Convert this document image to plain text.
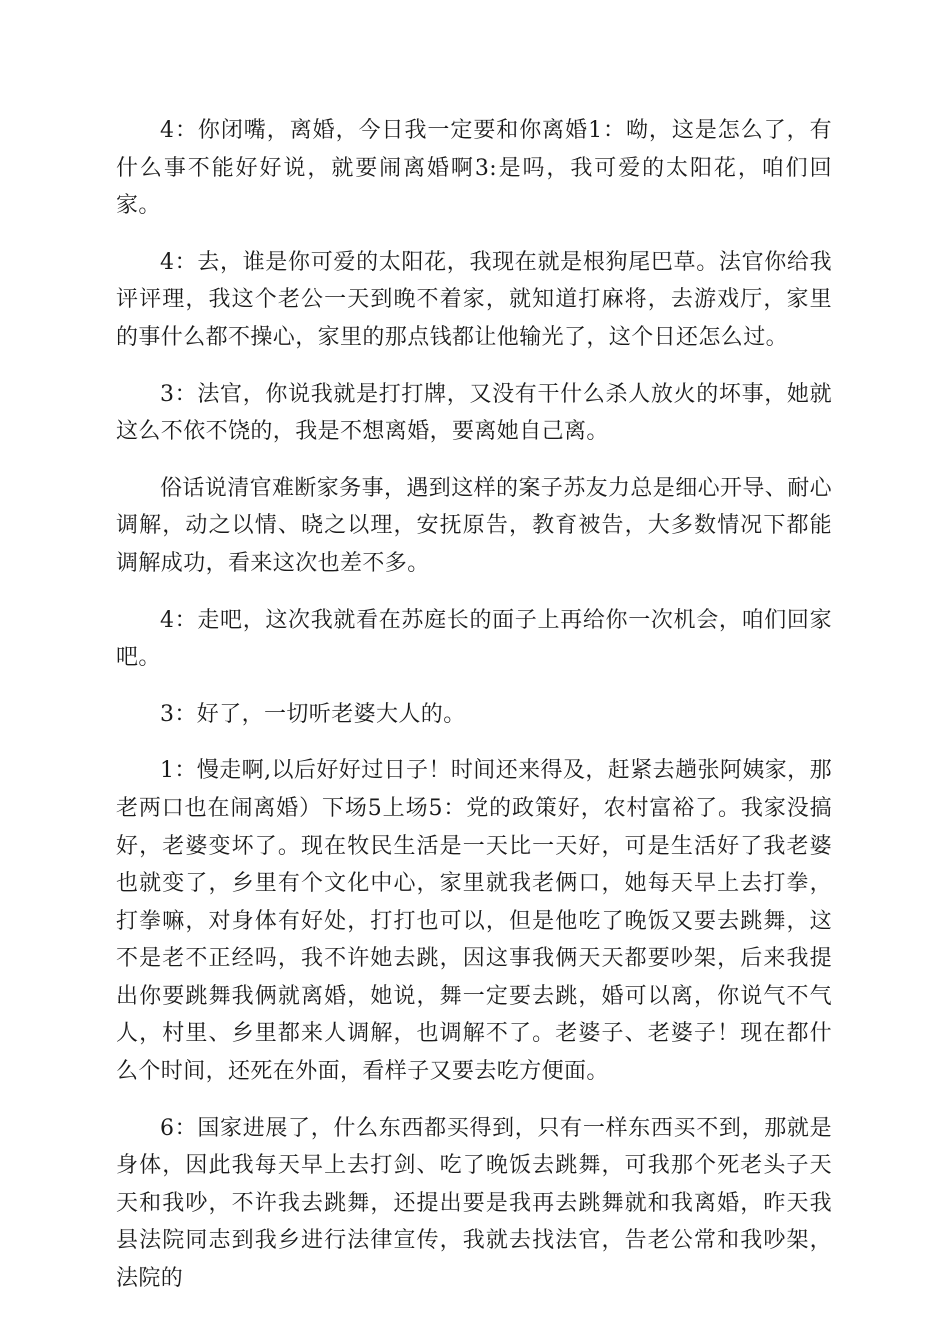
4：你闭嘴，离婚，今日我一定要和你离婚1：呦，这是怎么了，有什么事不能好好说，就要闹离婚啊3:是吗，我可爱的太阳花，咱们回家。

4：去，谁是你可爱的太阳花，我现在就是根狗尾巴草。法官你给我评评理，我这个老公一天到晚不着家，就知道打麻将，去游戏厅，家里的事什么都不操心，家里的那点钱都让他输光了，这个日还怎么过。

3：法官，你说我就是打打牌，又没有干什么杀人放火的坏事，她就这么不依不饶的，我是不想离婚，要离她自己离。

俗话说清官难断家务事，遇到这样的案子苏友力总是细心开导、耐心调解，动之以情、晓之以理，安抚原告，教育被告，大多数情况下都能调解成功，看来这次也差不多。

4：走吧，这次我就看在苏庭长的面子上再给你一次机会，咱们回家吧。

3：好了，一切听老婆大人的。

1：慢走啊,以后好好过日子！时间还来得及，赶紧去趟张阿姨家，那老两口也在闹离婚）下场5上场5：党的政策好，农村富裕了。我家没搞好，老婆变坏了。现在牧民生活是一天比一天好，可是生活好了我老婆也就变了，乡里有个文化中心，家里就我老俩口，她每天早上去打拳，打拳嘛，对身体有好处，打打也可以，但是他吃了晚饭又要去跳舞，这不是老不正经吗，我不许她去跳，因这事我俩天天都要吵架，后来我提出你要跳舞我俩就离婚，她说，舞一定要去跳，婚可以离，你说气不气人，村里、乡里都来人调解，也调解不了。老婆子、老婆子！现在都什么个时间，还死在外面，看样子又要去吃方便面。

6：国家进展了，什么东西都买得到，只有一样东西买不到，那就是身体，因此我每天早上去打剑、吃了晚饭去跳舞，可我那个死老头子天天和我吵，不许我去跳舞，还提出要是我再去跳舞就和我离婚，昨天我县法院同志到我乡进行法律宣传，我就去找法官，告老公常和我吵架，法院的
